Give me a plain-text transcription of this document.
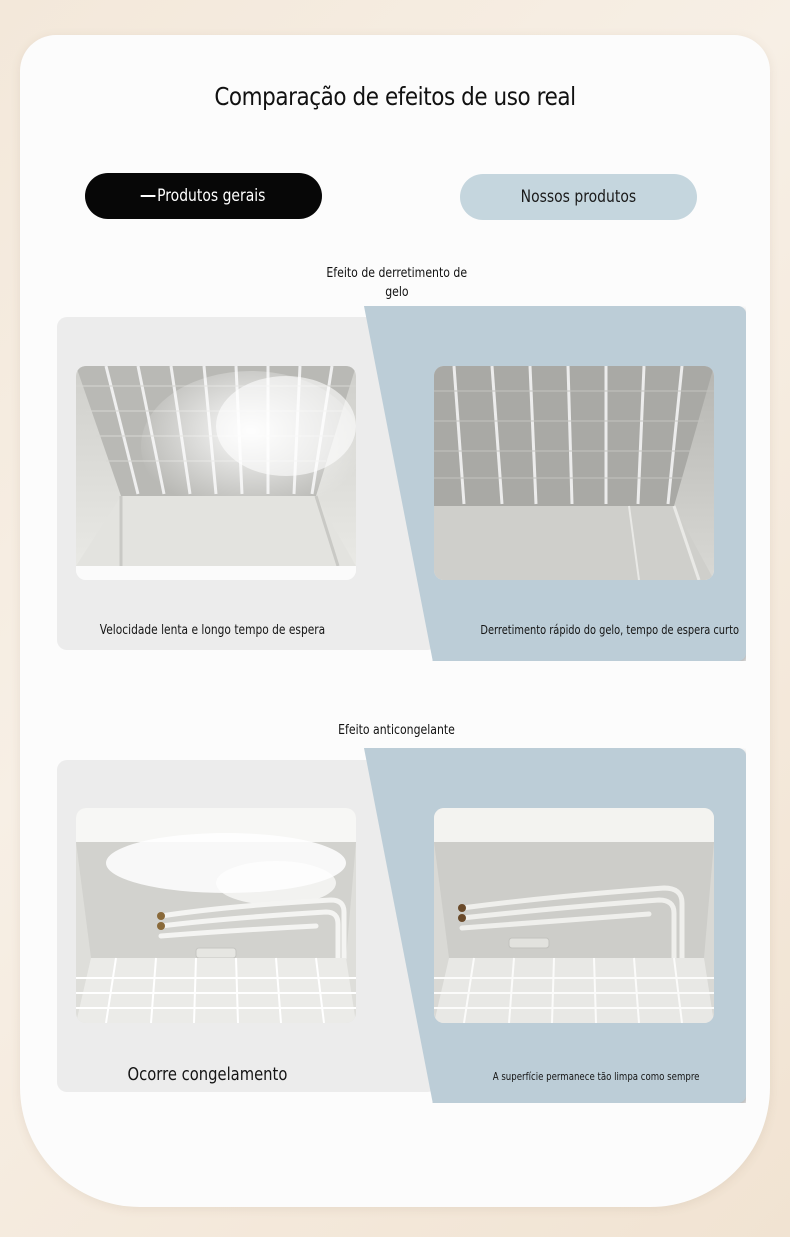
Comparação de efeitos de uso real
Produtos gerais	Nossos produtos
Efeito de derretimento de
gelo
Velocidade lenta e longo tempo de espera	Derretimento rápido do gelo, tempo de espera curto
Efeito anticongelante
Ocorre congelamento	A superfície permanece tão limpa como sempre
